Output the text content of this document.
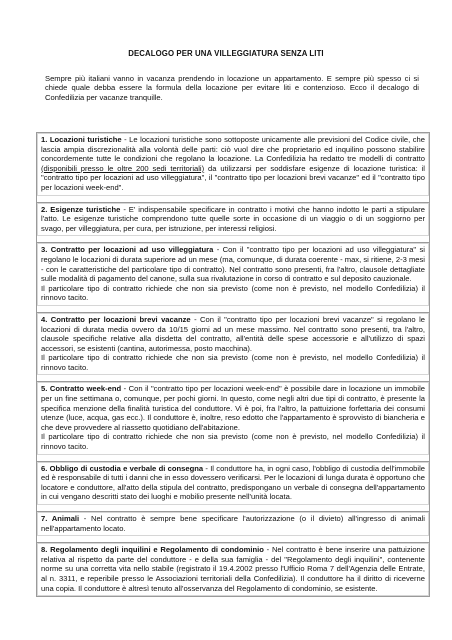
DECALOGO PER UNA VILLEGGIATURA SENZA LITI
Sempre più italiani vanno in vacanza prendendo in locazione un appartamento. E sempre più spesso ci si chiede quale debba essere la formula della locazione per evitare liti e contenzioso. Ecco il decalogo di Confedilizia per vacanze tranquille.

1. Locazioni turistiche - Le locazioni turistiche sono sottoposte unicamente alle previsioni del Codice civile, che lascia ampia discrezionalità alla volontà delle parti: ciò vuol dire che proprietario ed inquilino possono stabilire concordemente tutte le condizioni che regolano la locazione. La Confedilizia ha redatto tre modelli di contratto (disponibili presso le oltre 200 sedi territoriali) da utilizzarsi per soddisfare esigenze di locazione turistica: il "contratto tipo per locazioni ad uso villeggiatura", il "contratto tipo per locazioni brevi vacanze" ed il "contratto tipo per locazioni week-end".

2. Esigenze turistiche - E' indispensabile specificare in contratto i motivi che hanno indotto le parti a stipulare l'atto. Le esigenze turistiche comprendono tutte quelle sorte in occasione di un viaggio o di un soggiorno per svago, per villeggiatura, per cura, per istruzione, per interessi religiosi.

3. Contratto per locazioni ad uso villeggiatura - Con il "contratto tipo per locazioni ad uso villeggiatura" si regolano le locazioni di durata superiore ad un mese (ma, comunque, di durata coerente - max, si ritiene, 2-3 mesi - con le caratteristiche del particolare tipo di contratto). Nel contratto sono presenti, fra l'altro, clausole dettagliate sulle modalità di pagamento del canone, sulla sua rivalutazione in corso di contratto e sul deposito cauzionale.

Il particolare tipo di contratto richiede che non sia previsto (come non è previsto, nel modello Confedilizia) il rinnovo tacito.

4. Contratto per locazioni brevi vacanze - Con il "contratto tipo per locazioni brevi vacanze" si regolano le locazioni di durata media ovvero da 10/15 giorni ad un mese massimo. Nel contratto sono presenti, tra l'altro, clausole specifiche relative alla disdetta del contratto, all'entità delle spese accessorie e all'utilizzo di spazi accessori, se esistenti (cantina, autorimessa, posto macchina).

Il particolare tipo di contratto richiede che non sia previsto (come non è previsto, nel modello Confedilizia) il rinnovo tacito.

5. Contratto week-end - Con il "contratto tipo per locazioni week-end" è possibile dare in locazione un immobile per un fine settimana o, comunque, per pochi giorni. In questo, come negli altri due tipi di contratto, è presente la specifica menzione della finalità turistica del conduttore. Vi è poi, fra l'altro, la pattuizione forfettaria dei consumi utenze (luce, acqua, gas ecc.). Il conduttore è, inoltre, reso edotto che l'appartamento è sprovvisto di biancheria e che deve provvedere al riassetto quotidiano dell'abitazione.

Il particolare tipo di contratto richiede che non sia previsto (come non è previsto, nel modello Confedilizia) il rinnovo tacito.

6. Obbligo di custodia e verbale di consegna - Il conduttore ha, in ogni caso, l'obbligo di custodia dell'immobile ed è responsabile di tutti i danni che in esso dovessero verificarsi. Per le locazioni di lunga durata è opportuno che locatore e conduttore, all'atto della stipula del contratto, predispongano un verbale di consegna dell'appartamento in cui vengano descritti stato dei luoghi e mobilio presente nell'unità locata.

7. Animali - Nel contratto è sempre bene specificare l'autorizzazione (o il divieto) all'ingresso di animali nell'appartamento locato.

8. Regolamento degli inquilini e Regolamento di condominio - Nel contratto è bene inserire una pattuizione relativa al rispetto da parte del conduttore - e della sua famiglia - del "Regolamento degli inquilini", contenente norme su una corretta vita nello stabile (registrato il 19.4.2002 presso l'Ufficio Roma 7 dell'Agenzia delle Entrate, al n. 3311, e reperibile presso le Associazioni territoriali della Confedilizia). Il conduttore ha il diritto di riceverne una copia. Il conduttore è altresì tenuto all'osservanza del Regolamento di condominio, se esistente.
